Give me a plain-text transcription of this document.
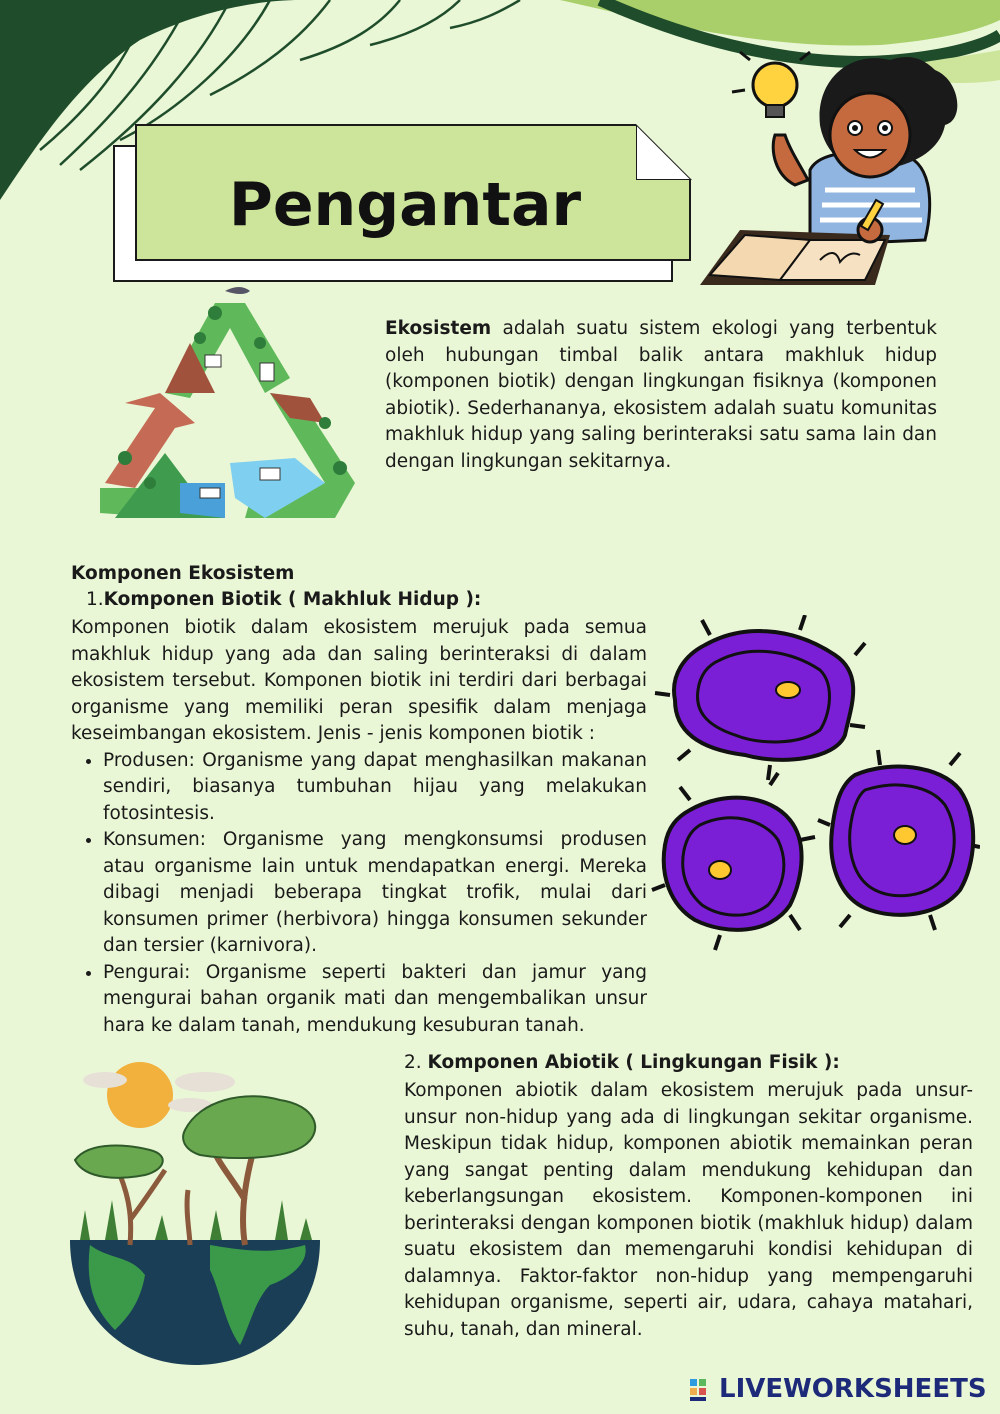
Pengantar

Ekosistem adalah suatu sistem ekologi yang terbentuk oleh hubungan timbal balik antara makhluk hidup (komponen biotik) dengan lingkungan fisiknya (komponen abiotik). Sederhananya, ekosistem adalah suatu komunitas makhluk hidup yang saling berinteraksi satu sama lain dan dengan lingkungan sekitarnya.

Komponen Ekosistem
1.Komponen Biotik ( Makhluk Hidup ):

Komponen biotik dalam ekosistem merujuk pada semua makhluk hidup yang ada dan saling berinteraksi di dalam ekosistem tersebut. Komponen biotik ini terdiri dari berbagai organisme yang memiliki peran spesifik dalam menjaga keseimbangan ekosistem. Jenis - jenis komponen biotik :

• Produsen: Organisme yang dapat menghasilkan makanan sendiri, biasanya tumbuhan hijau yang melakukan fotosintesis.
• Konsumen: Organisme yang mengkonsumsi produsen atau organisme lain untuk mendapatkan energi. Mereka dibagi menjadi beberapa tingkat trofik, mulai dari konsumen primer (herbivora) hingga konsumen sekunder dan tersier (karnivora).
• Pengurai: Organisme seperti bakteri dan jamur yang mengurai bahan organik mati dan mengembalikan unsur hara ke dalam tanah, mendukung kesuburan tanah.
2. Komponen Abiotik ( Lingkungan Fisik ):

Komponen abiotik dalam ekosistem merujuk pada unsur-unsur non-hidup yang ada di lingkungan sekitar organisme. Meskipun tidak hidup, komponen abiotik memainkan peran yang sangat penting dalam mendukung kehidupan dan keberlangsungan ekosistem. Komponen-komponen ini berinteraksi dengan komponen biotik (makhluk hidup) dalam suatu ekosistem dan memengaruhi kondisi kehidupan di dalamnya. Faktor-faktor non-hidup yang mempengaruhi kehidupan organisme, seperti air, udara, cahaya matahari, suhu, tanah, dan mineral.

LIVEWORKSHEETS
